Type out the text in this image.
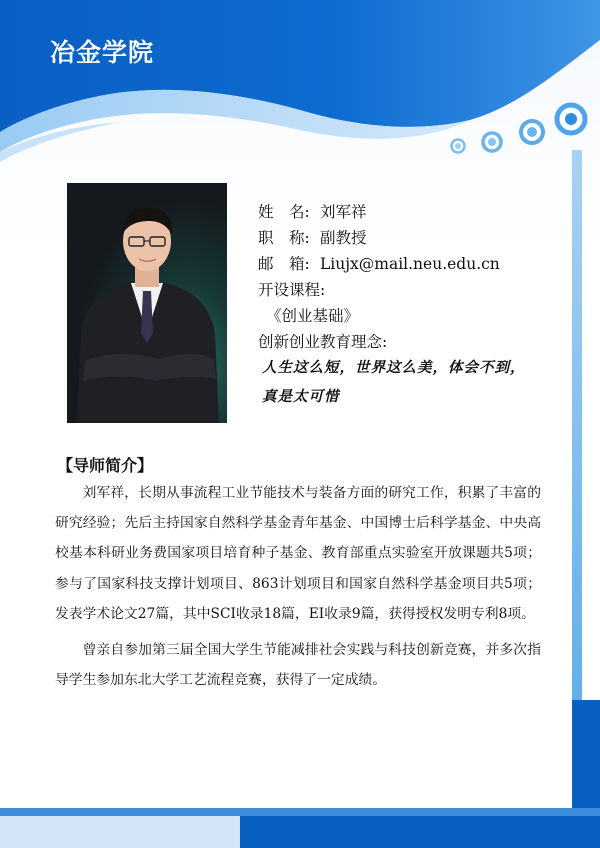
冶金学院
姓　名: 刘军祥
职　称: 副教授
邮　箱: Liujx@mail.neu.edu.cn
开设课程:
《创业基础》
创新创业教育理念:
人生这么短，世界这么美，体会不到，
真是太可惜
【导师简介】

刘军祥，长期从事流程工业节能技术与装备方面的研究工作，积累了丰富的研究经验；先后主持国家自然科学基金青年基金、中国博士后科学基金、中央高校基本科研业务费国家项目培育种子基金、教育部重点实验室开放课题共5项；参与了国家科技支撑计划项目、863计划项目和国家自然科学基金项目共5项；发表学术论文27篇，其中SCI收录18篇，EI收录9篇，获得授权发明专利8项。

曾亲自参加第三届全国大学生节能减排社会实践与科技创新竞赛，并多次指导学生参加东北大学工艺流程竞赛，获得了一定成绩。
